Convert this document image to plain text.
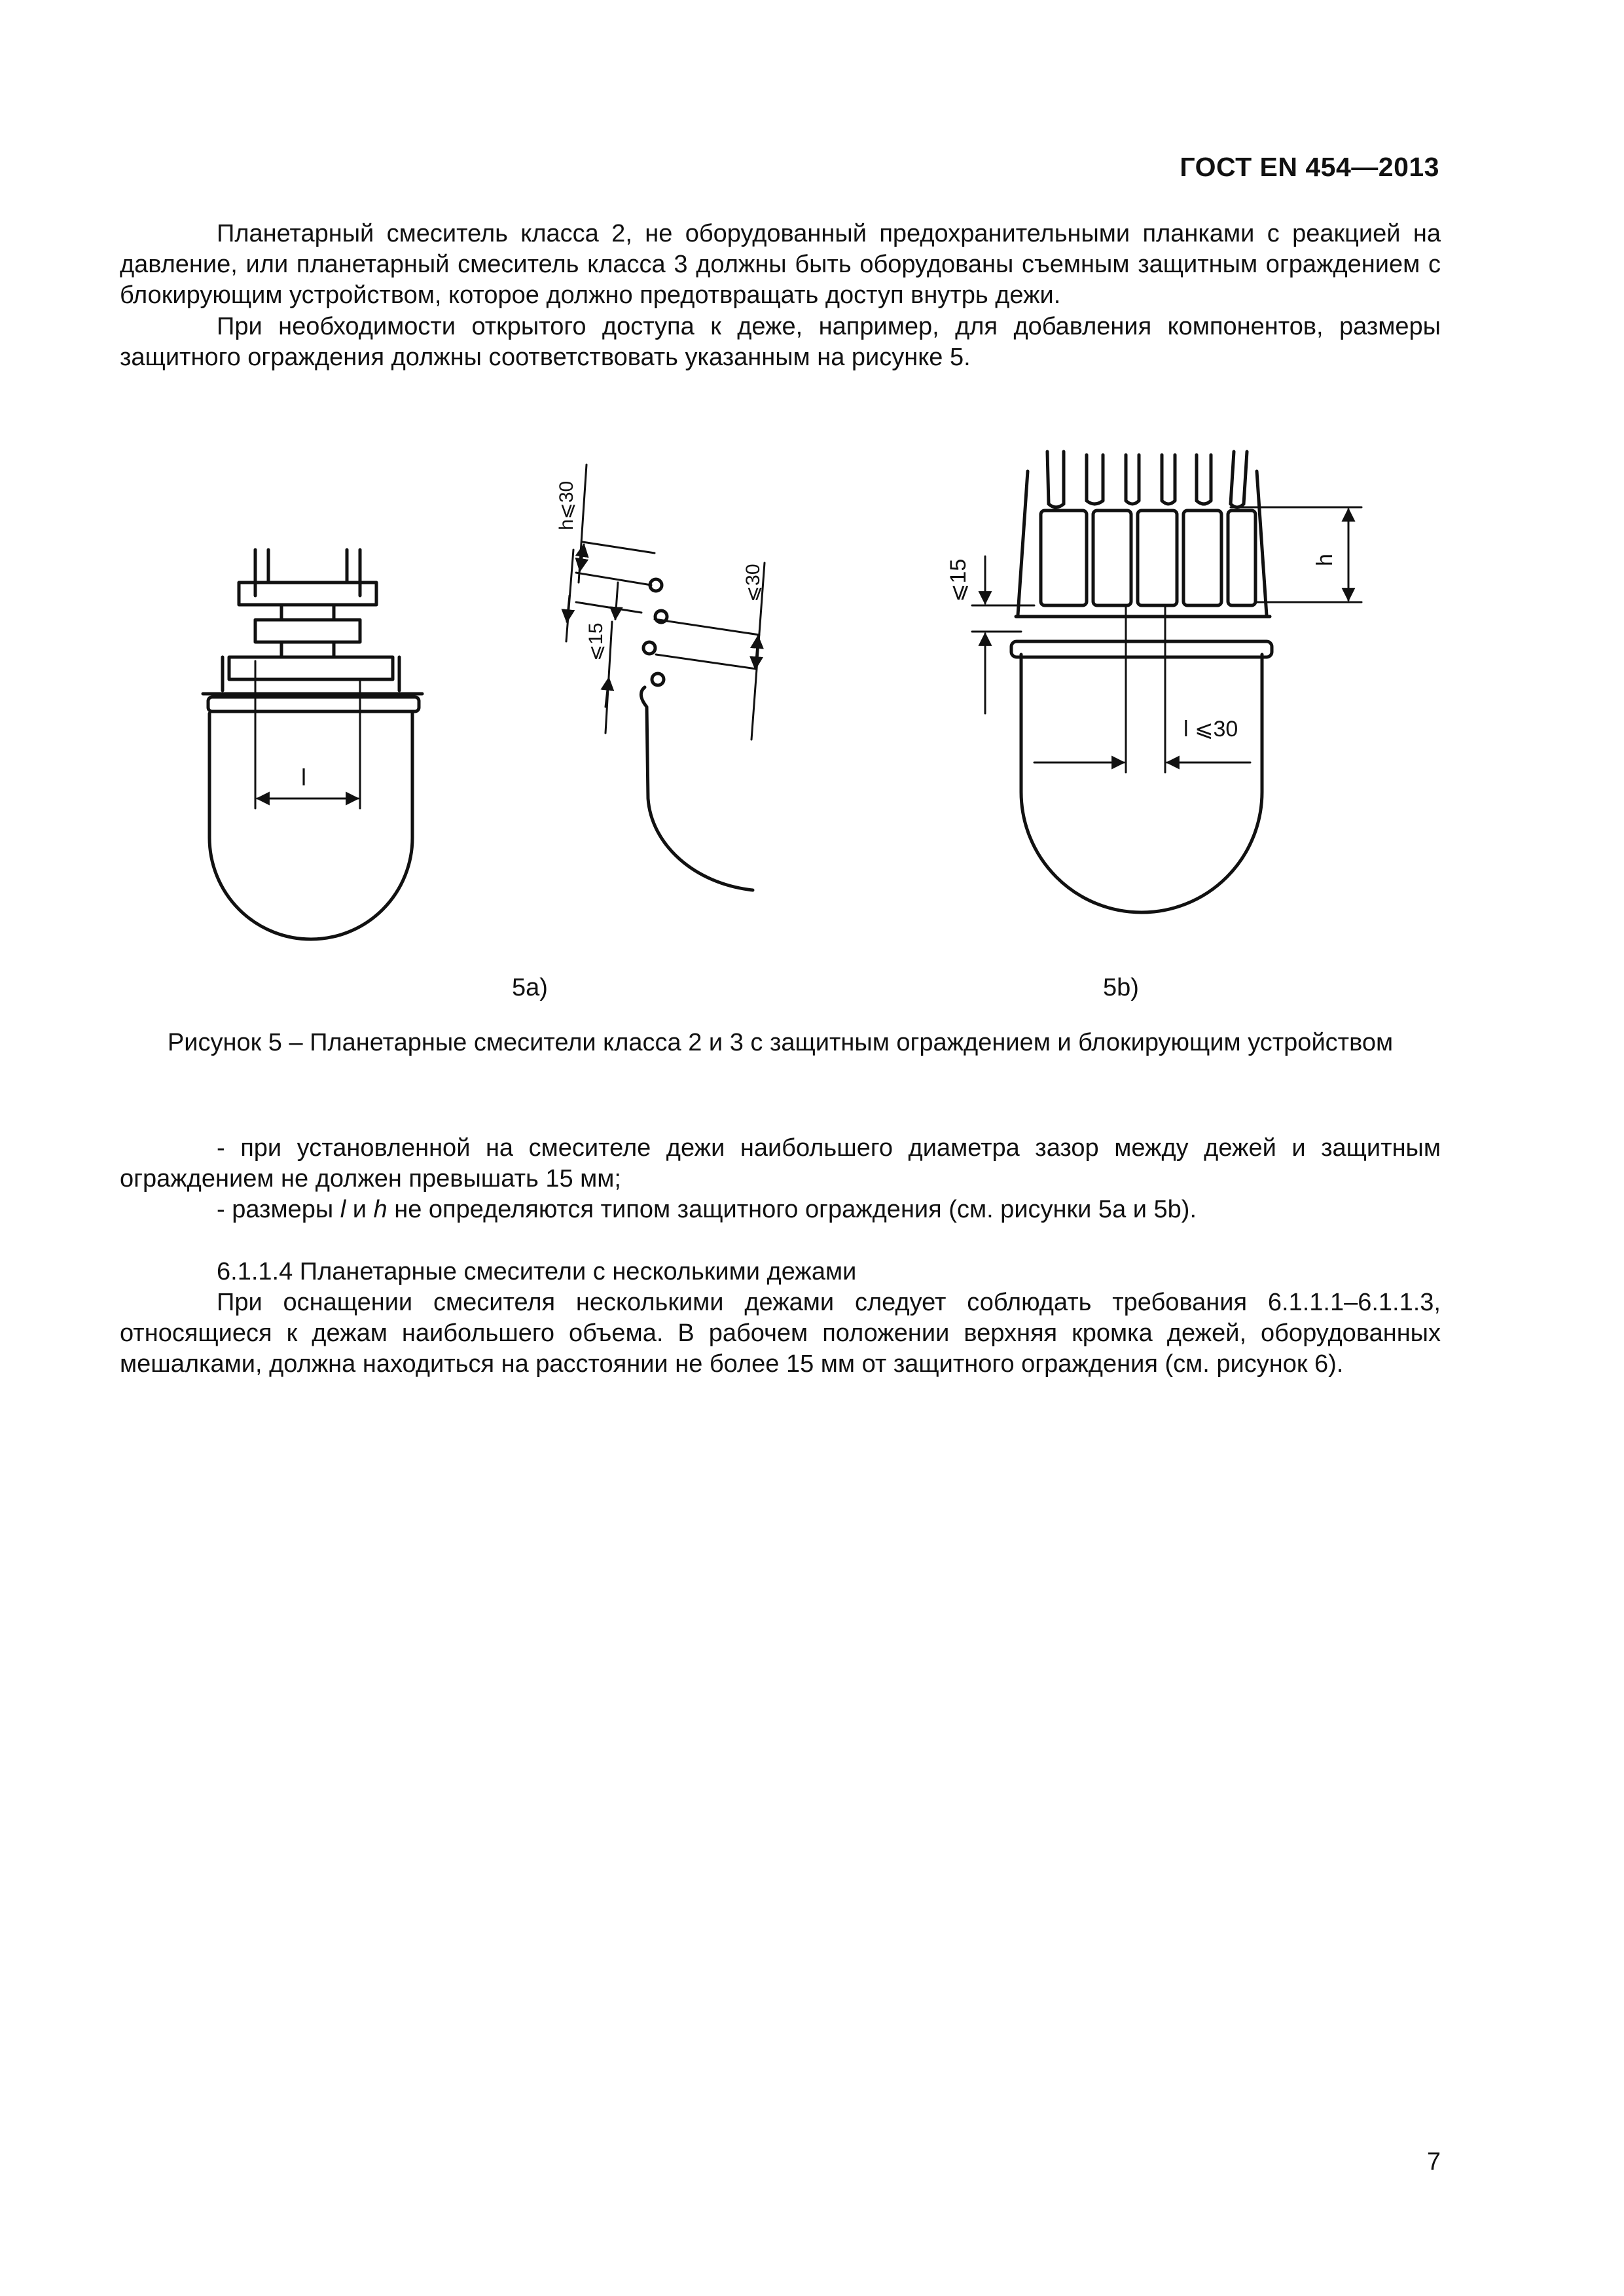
ГОСТ EN 454—2013

Планетарный смеситель класса 2, не оборудованный предохранительными планками с реакцией на давление, или планетарный смеситель класса 3 должны быть оборудованы съемным защитным ограждением с блокирующим устройством, которое должно предотвращать доступ внутрь дежи.

При необходимости открытого доступа к деже, например, для добавления компонентов, размеры защитного ограждения должны соответствовать указанным на рисунке 5.

l
h⩽30
⩽30
⩽15
⩽15	h
l ⩽30
5a)	5b)

Рисунок 5 – Планетарные смесители класса 2 и 3 с защитным ограждением и блокирующим устройством

- при установленной на смесителе дежи наибольшего диаметра зазор между дежей и защитным ограждением не должен превышать 15 мм;

- размеры l и h не определяются типом защитного ограждения (см. рисунки 5а и 5b).

6.1.1.4 Планетарные смесители с несколькими дежами

При оснащении смесителя несколькими дежами следует соблюдать требования 6.1.1.1–6.1.1.3, относящиеся к дежам наибольшего объема. В рабочем положении верхняя кромка дежей, оборудованных мешалками, должна находиться на расстоянии не более 15 мм от защитного ограждения (см. рисунок 6).

7
